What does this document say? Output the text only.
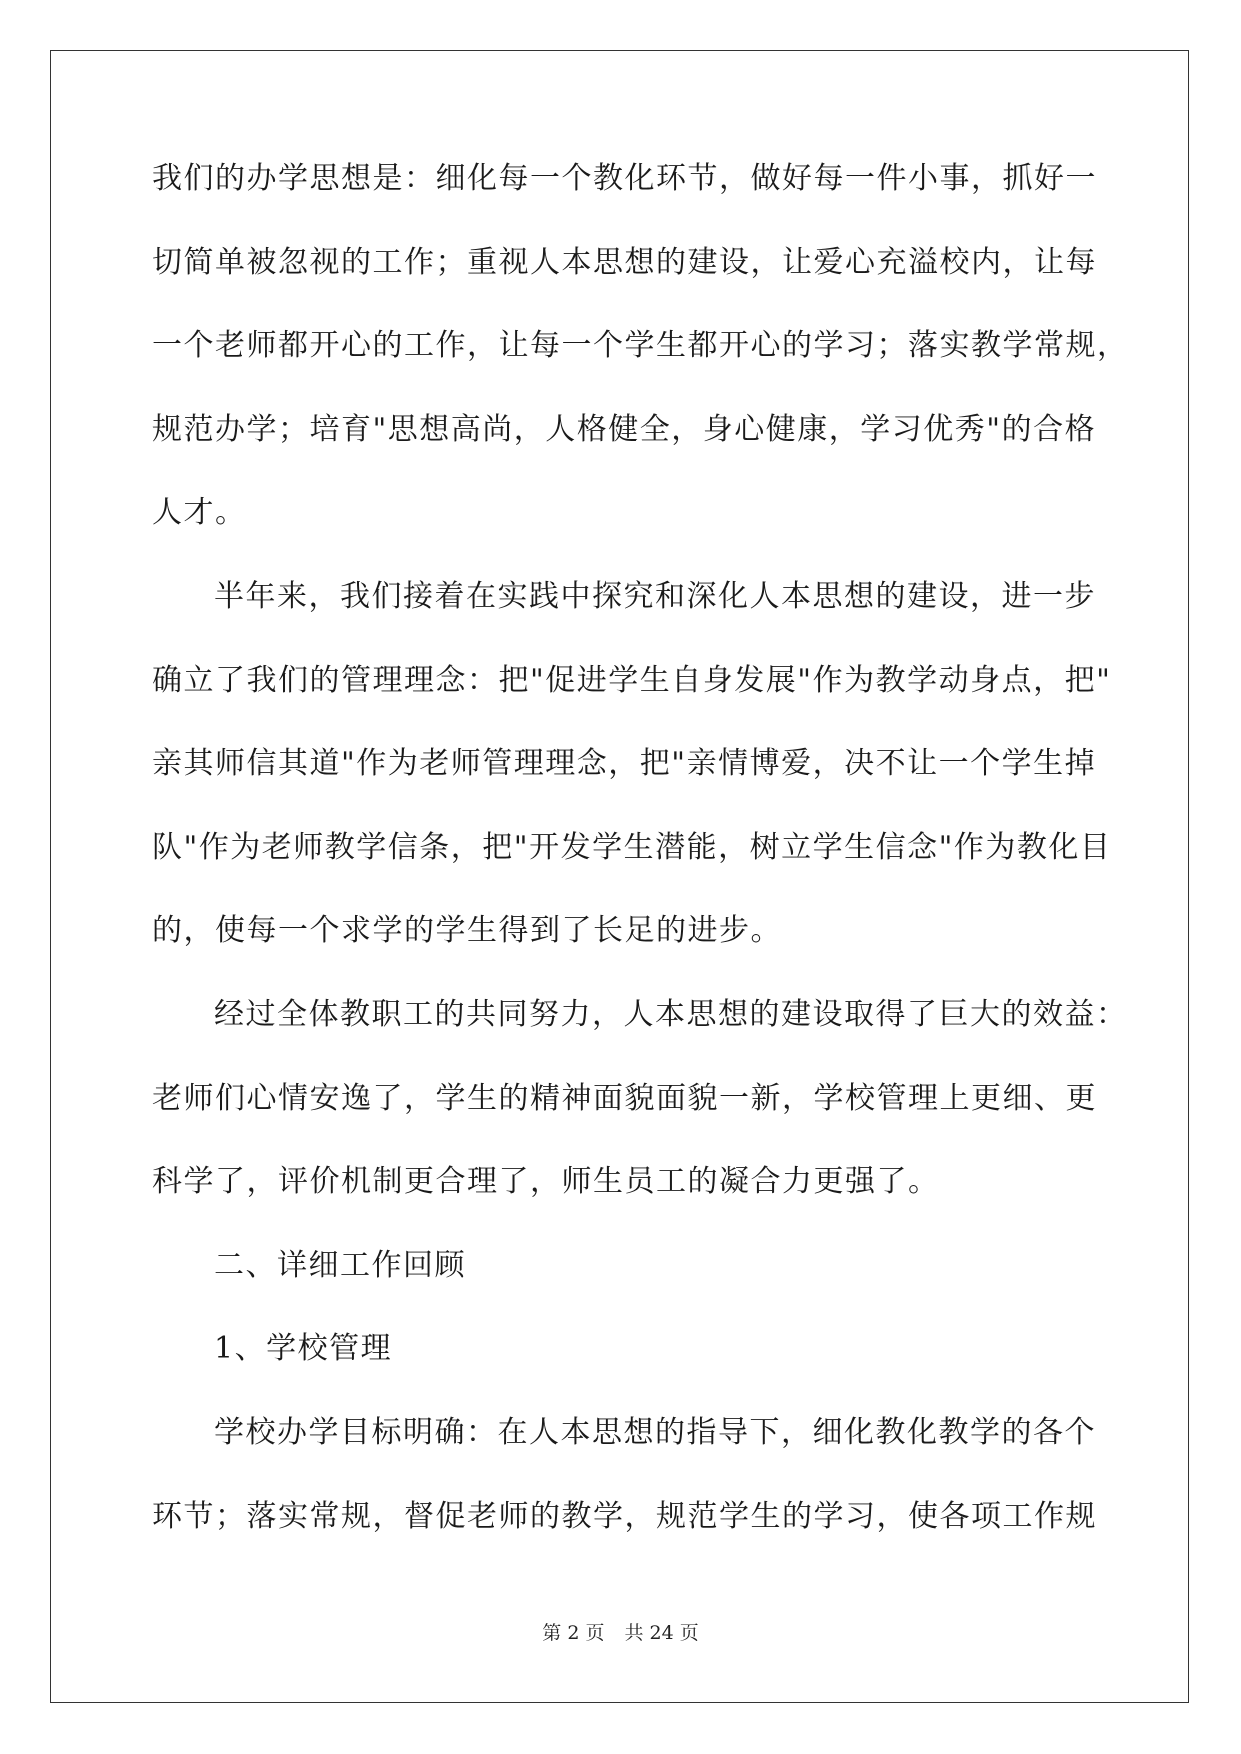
我们的办学思想是：细化每一个教化环节，做好每一件小事，抓好一
切简单被忽视的工作；重视人本思想的建设，让爱心充溢校内，让每
一个老师都开心的工作，让每一个学生都开心的学习；落实教学常规，
规范办学；培育"思想高尚，人格健全，身心健康，学习优秀"的合格
人才。
半年来，我们接着在实践中探究和深化人本思想的建设，进一步
确立了我们的管理理念：把"促进学生自身发展"作为教学动身点，把"
亲其师信其道"作为老师管理理念，把"亲情博爱，决不让一个学生掉
队"作为老师教学信条，把"开发学生潜能，树立学生信念"作为教化目
的，使每一个求学的学生得到了长足的进步。
经过全体教职工的共同努力，人本思想的建设取得了巨大的效益：
老师们心情安逸了，学生的精神面貌面貌一新，学校管理上更细、更
科学了，评价机制更合理了，师生员工的凝合力更强了。
二、详细工作回顾
1、学校管理
学校办学目标明确：在人本思想的指导下，细化教化教学的各个
环节；落实常规，督促老师的教学，规范学生的学习，使各项工作规
第 2 页 共 24 页
